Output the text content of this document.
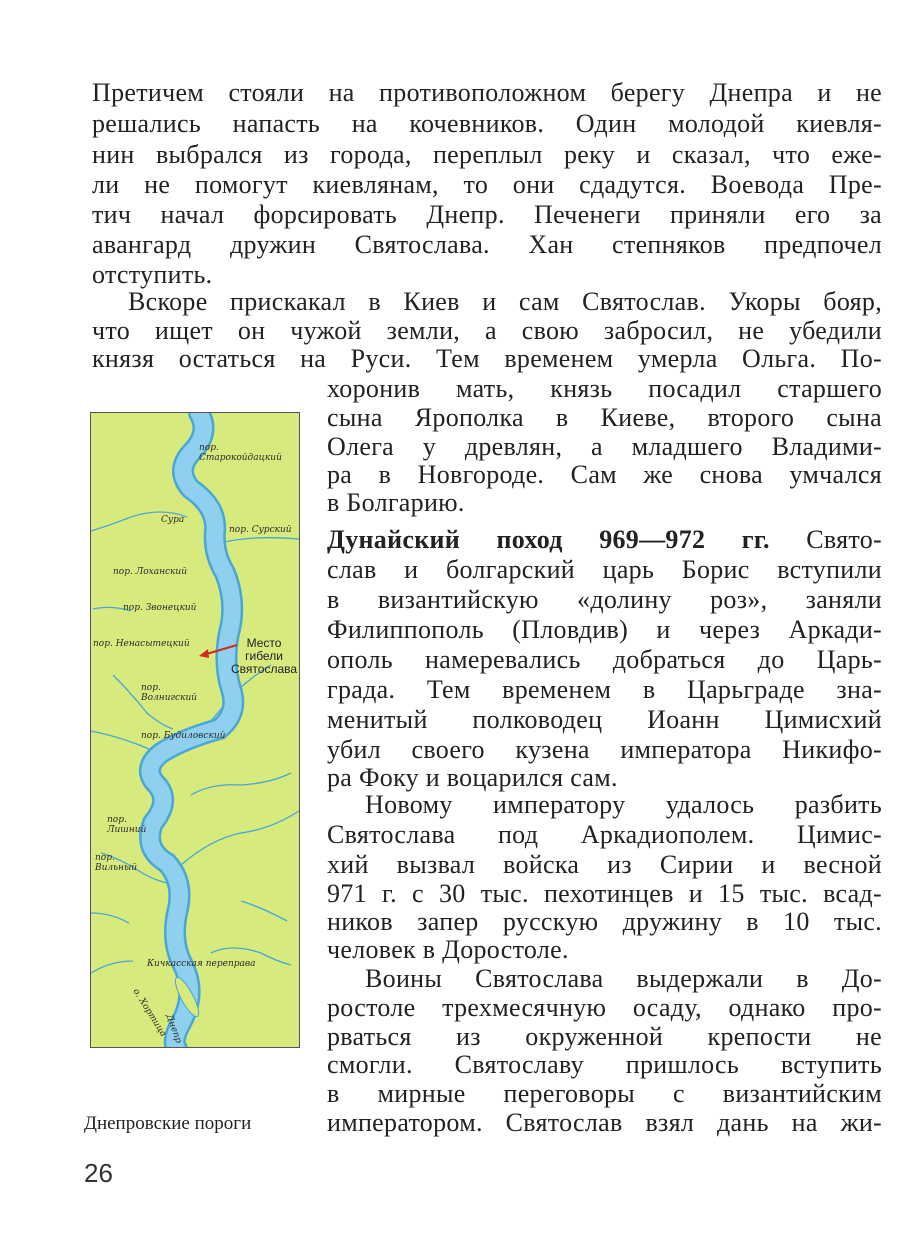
Претичем стояли на противоположном берегу Днепра и не
решались напасть на кочевников. Один молодой киевля-
нин выбрался из города, переплыл реку и сказал, что еже-
ли не помогут киевлянам, то они сдадутся. Воевода Пре-
тич начал форсировать Днепр. Печенеги приняли его за
авангард дружин Святослава. Хан степняков предпочел
отступить.
Вскоре прискакал в Киев и сам Святослав. Укоры бояр,
что ищет он чужой земли, а свою забросил, не убедили
князя остаться на Руси. Тем временем умерла Ольга. По-
хоронив мать, князь посадил старшего
сына Ярополка в Киеве, второго сына
Олега у древлян, а младшего Владими-
ра в Новгороде. Сам же снова умчался
в Болгарию.
Дунайский поход 969—972 гг. Свято-
слав и болгарский царь Борис вступили
в византийскую «долину роз», заняли
Филиппополь (Пловдив) и через Аркади-
ополь намеревались добраться до Царь-
града. Тем временем в Царьграде зна-
менитый полководец Иоанн Цимисхий
убил своего кузена императора Никифо-
ра Фоку и воцарился сам.
Новому императору удалось разбить
Святослава под Аркадиополем. Цимис-
хий вызвал войска из Сирии и весной
971 г. с 30 тыс. пехотинцев и 15 тыс. всад-
ников запер русскую дружину в 10 тыс.
человек в Доростоле.
Воины Святослава выдержали в До-
ростоле трехмесячную осаду, однако про-
рваться из окруженной крепости не
смогли. Святославу пришлось вступить
в мирные переговоры с византийским
императором. Святослав взял дань на жи-
пор.
Старокойдацкий
Сура
пор. Сурский
пор. Лоханский
пор. Звонецкий
пор. Ненасытецкий	Место
гибели
Святослава
пор.
Волнигский
пор. Будиловский
пор.
Лишний
пор.
Вильный
Кичкасская переправа
о. Хортица
Днепр
Днепровские пороги
26
